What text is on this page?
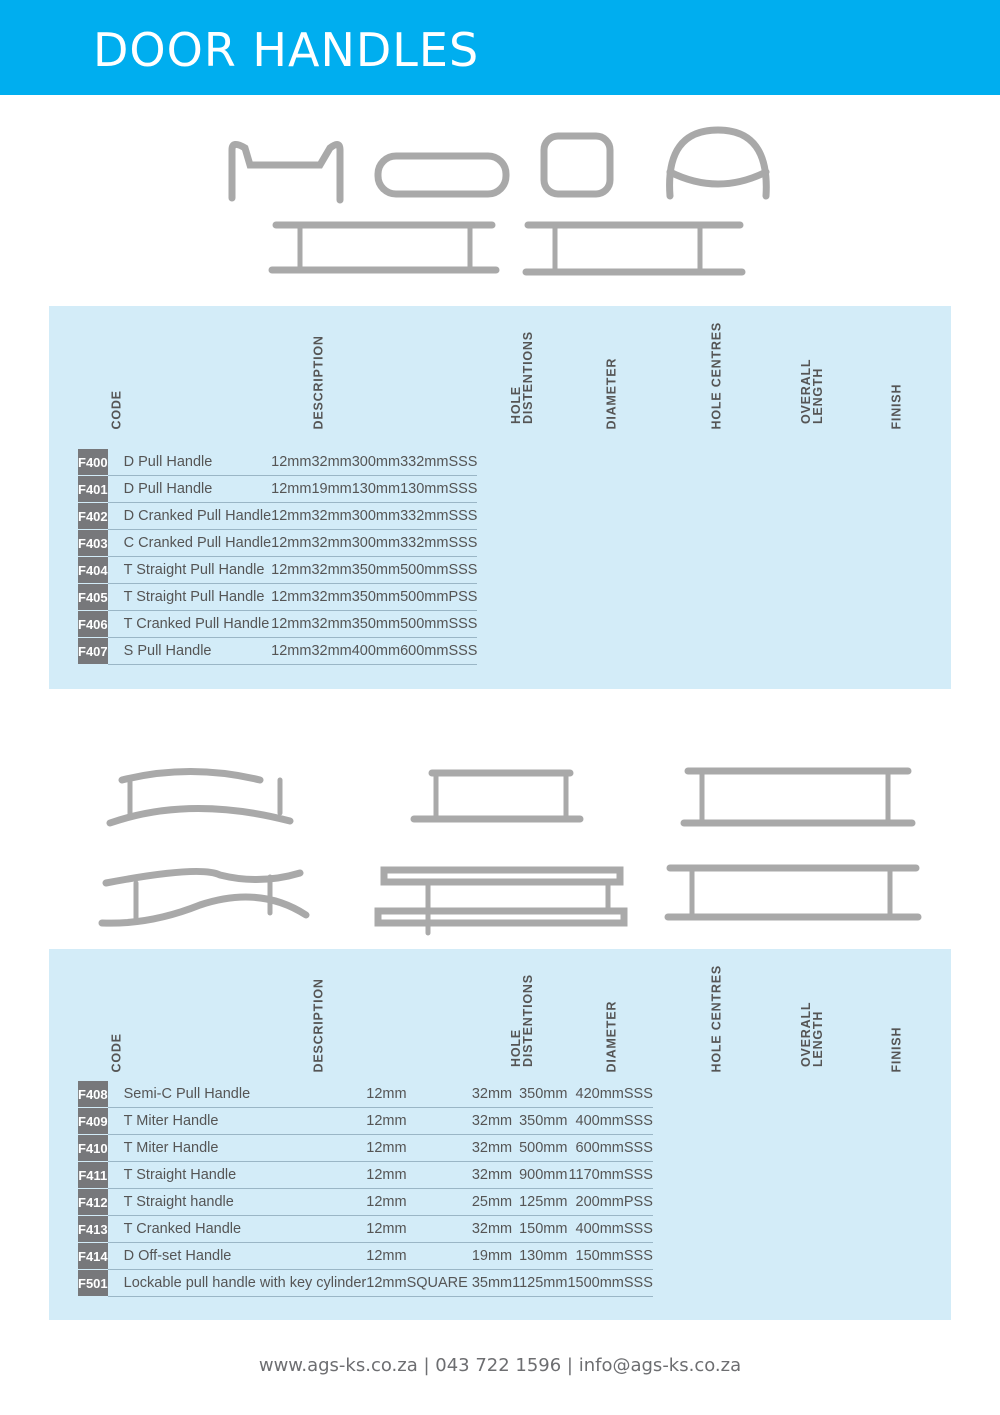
DOOR HANDLES
CODE	DESCRIPTION	HOLE
DISTENTIONS	DIAMETER	HOLE CENTRES	OVERALL
LENGTH	FINISH
F400	D Pull Handle	12mm	32mm	300mm	332mm	SSS
F401	D Pull Handle	12mm	19mm	130mm	130mm	SSS
F402	D Cranked Pull Handle	12mm	32mm	300mm	332mm	SSS
F403	C Cranked Pull Handle	12mm	32mm	300mm	332mm	SSS
F404	T Straight Pull Handle	12mm	32mm	350mm	500mm	SSS
F405	T Straight Pull Handle	12mm	32mm	350mm	500mm	PSS
F406	T Cranked Pull Handle	12mm	32mm	350mm	500mm	SSS
F407	S Pull Handle	12mm	32mm	400mm	600mm	SSS
CODE	DESCRIPTION	HOLE
DISTENTIONS	DIAMETER	HOLE CENTRES	OVERALL
LENGTH	FINISH
F408	Semi-C Pull Handle	12mm	32mm	350mm	420mm	SSS
F409	T Miter Handle	12mm	32mm	350mm	400mm	SSS
F410	T Miter Handle	12mm	32mm	500mm	600mm	SSS
F411	T Straight Handle	12mm	32mm	900mm	1170mm	SSS
F412	T Straight handle	12mm	25mm	125mm	200mm	PSS
F413	T Cranked Handle	12mm	32mm	150mm	400mm	SSS
F414	D Off-set Handle	12mm	19mm	130mm	150mm	SSS
F501	Lockable pull handle with key cylinder	12mm	SQUARE 35mm	1125mm	1500mm	SSS
www.ags-ks.co.za | 043 722 1596 | info@ags-ks.co.za
